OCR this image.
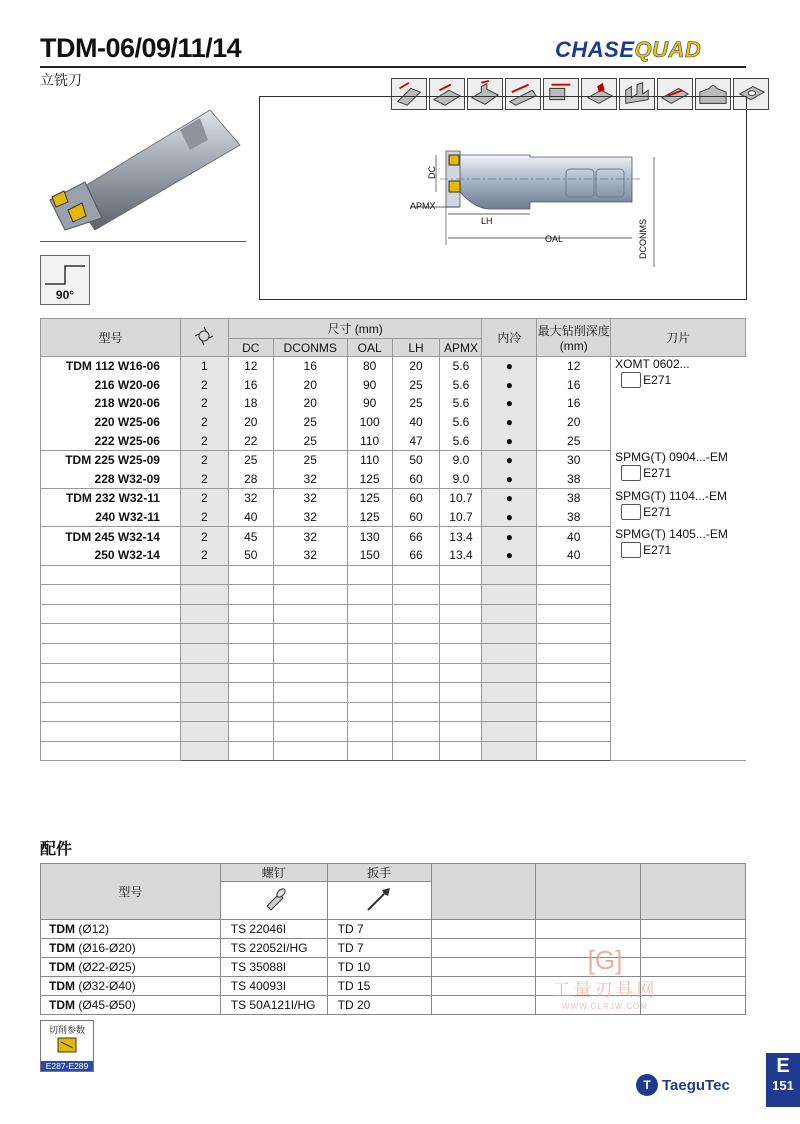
TDM-06/09/11/14
立铣刀
CHASEQUAD
90°
DC
APMX
LH
OAL	DCONMS
型号		尺寸 (mm)					内冷	最大钻削深度 (mm)	刀片
		DC	DCONMS	OAL	LH	APMX			
TDM 112 W16-06	1	12	16	80	20	5.6	●	12	XOMT 0602...
E271

216 W20-06	2	16	20	90	25	5.6	●	16	
218 W20-06	2	18	20	90	25	5.6	●	16	
220 W25-06	2	20	25	100	40	5.6	●	20	
222 W25-06	2	22	25	110	47	5.6	●	25	
TDM 225 W25-09	2	25	25	110	50	9.0	●	30	SPMG(T) 0904...-EM
E271

228 W32-09	2	28	32	125	60	9.0	●	38	
TDM 232 W32-11	2	32	32	125	60	10.7	●	38	SPMG(T) 1104...-EM
E271

240 W32-11	2	40	32	125	60	10.7	●	38	
TDM 245 W32-14	2	45	32	130	66	13.4	●	40	SPMG(T) 1405...-EM
E271

250 W32-14	2	50	32	150	66	13.4	●	40	

配件
型号	螺钉	扳手			

TDM (Ø12)	TS 22046I	TD 7			
TDM (Ø16-Ø20)	TS 22052I/HG	TD 7			
TDM (Ø22-Ø25)	TS 35088I	TD 10			
TDM (Ø32-Ø40)	TS 40093I	TD 15			
TDM (Ø45-Ø50)	TS 50A121I/HG	TD 20			
切削参数
E287-E289
[G]
工量刃具网
WWW.GLRJW.COM
T TaeguTec
E
151
